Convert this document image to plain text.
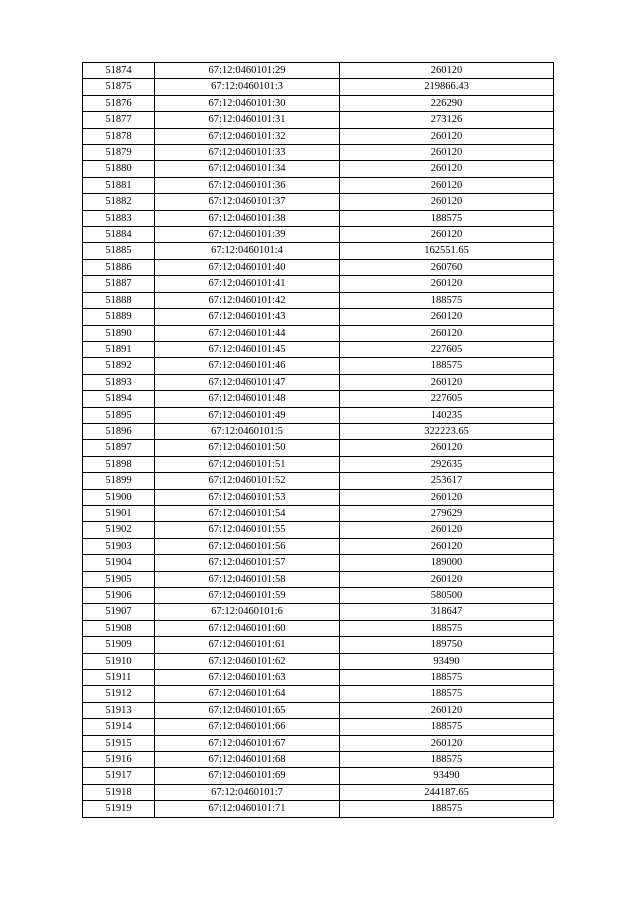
51874	67:12:0460101:29	260120
51875	67:12:0460101:3	219866.43
51876	67:12:0460101:30	226290
51877	67:12:0460101:31	273126
51878	67:12:0460101:32	260120
51879	67:12:0460101:33	260120
51880	67:12:0460101:34	260120
51881	67:12:0460101:36	260120
51882	67:12:0460101:37	260120
51883	67:12:0460101:38	188575
51884	67:12:0460101:39	260120
51885	67:12:0460101:4	162551.65
51886	67:12:0460101:40	260760
51887	67:12:0460101:41	260120
51888	67:12:0460101:42	188575
51889	67:12:0460101:43	260120
51890	67:12:0460101:44	260120
51891	67:12:0460101:45	227605
51892	67:12:0460101:46	188575
51893	67:12:0460101:47	260120
51894	67:12:0460101:48	227605
51895	67:12:0460101:49	140235
51896	67:12:0460101:5	322223.65
51897	67:12:0460101:50	260120
51898	67:12:0460101:51	292635
51899	67:12:0460101:52	253617
51900	67:12:0460101:53	260120
51901	67:12:0460101:54	279629
51902	67:12:0460101:55	260120
51903	67:12:0460101:56	260120
51904	67:12:0460101:57	189000
51905	67:12:0460101:58	260120
51906	67:12:0460101:59	580500
51907	67:12:0460101:6	318647
51908	67:12:0460101:60	188575
51909	67:12:0460101:61	189750
51910	67:12:0460101:62	93490
51911	67:12:0460101:63	188575
51912	67:12:0460101:64	188575
51913	67:12:0460101:65	260120
51914	67:12:0460101:66	188575
51915	67:12:0460101:67	260120
51916	67:12:0460101:68	188575
51917	67:12:0460101:69	93490
51918	67:12:0460101:7	244187.65
51919	67:12:0460101:71	188575
